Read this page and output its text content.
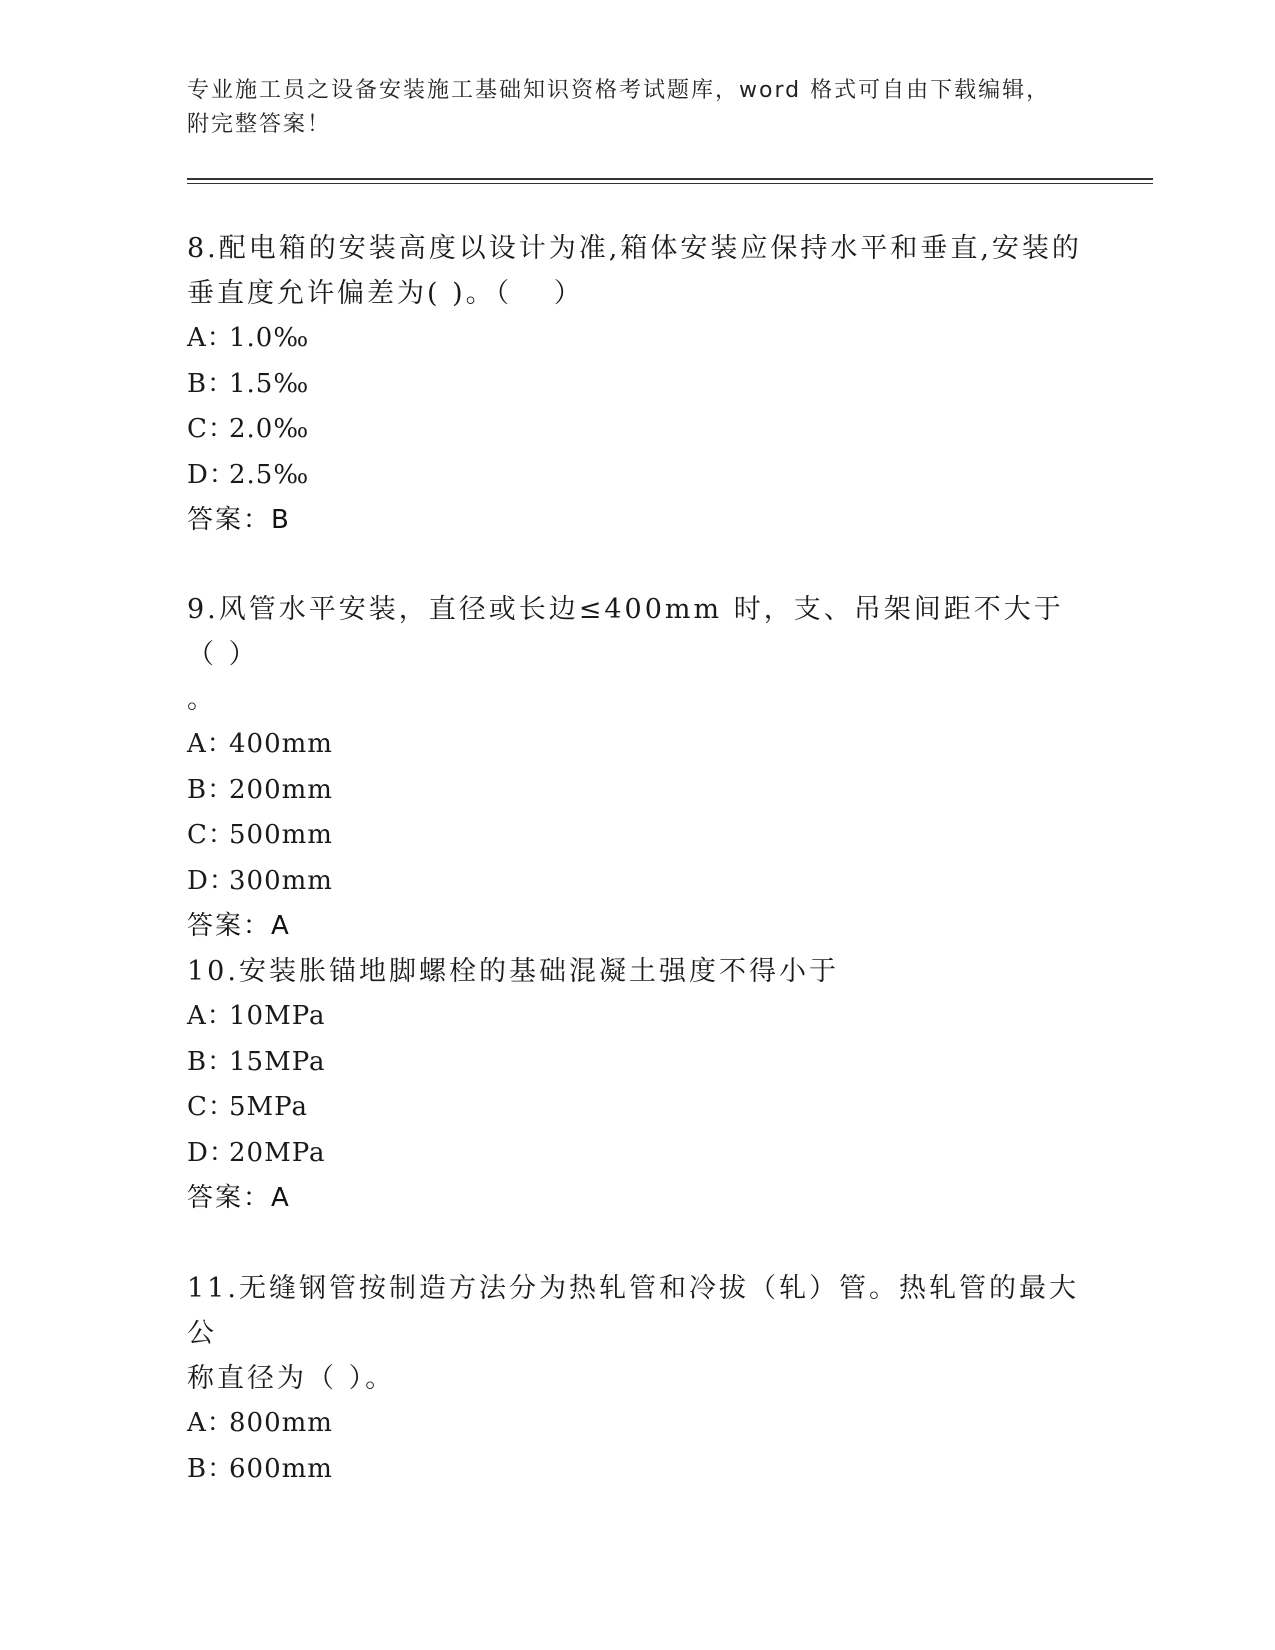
专业施工员之设备安装施工基础知识资格考试题库，word 格式可自由下载编辑，
附完整答案！

8.配电箱的安装高度以设计为准,箱体安装应保持水平和垂直,安装的

垂直度允许偏差为( )。（　 ）

A：1.0‰

B：1.5‰

C：2.0‰

D：2.5‰

答案：B

9.风管水平安装，直径或长边≤400mm 时，支、吊架间距不大于（ ）

。

A：400mm

B：200mm

C：500mm

D：300mm

答案：A

10.安装胀锚地脚螺栓的基础混凝土强度不得小于

A：10MPa

B：15MPa

C：5MPa

D：20MPa

答案：A

11.无缝钢管按制造方法分为热轧管和冷拔（轧）管。热轧管的最大公

称直径为（ ）。

A：800mm

B：600mm
